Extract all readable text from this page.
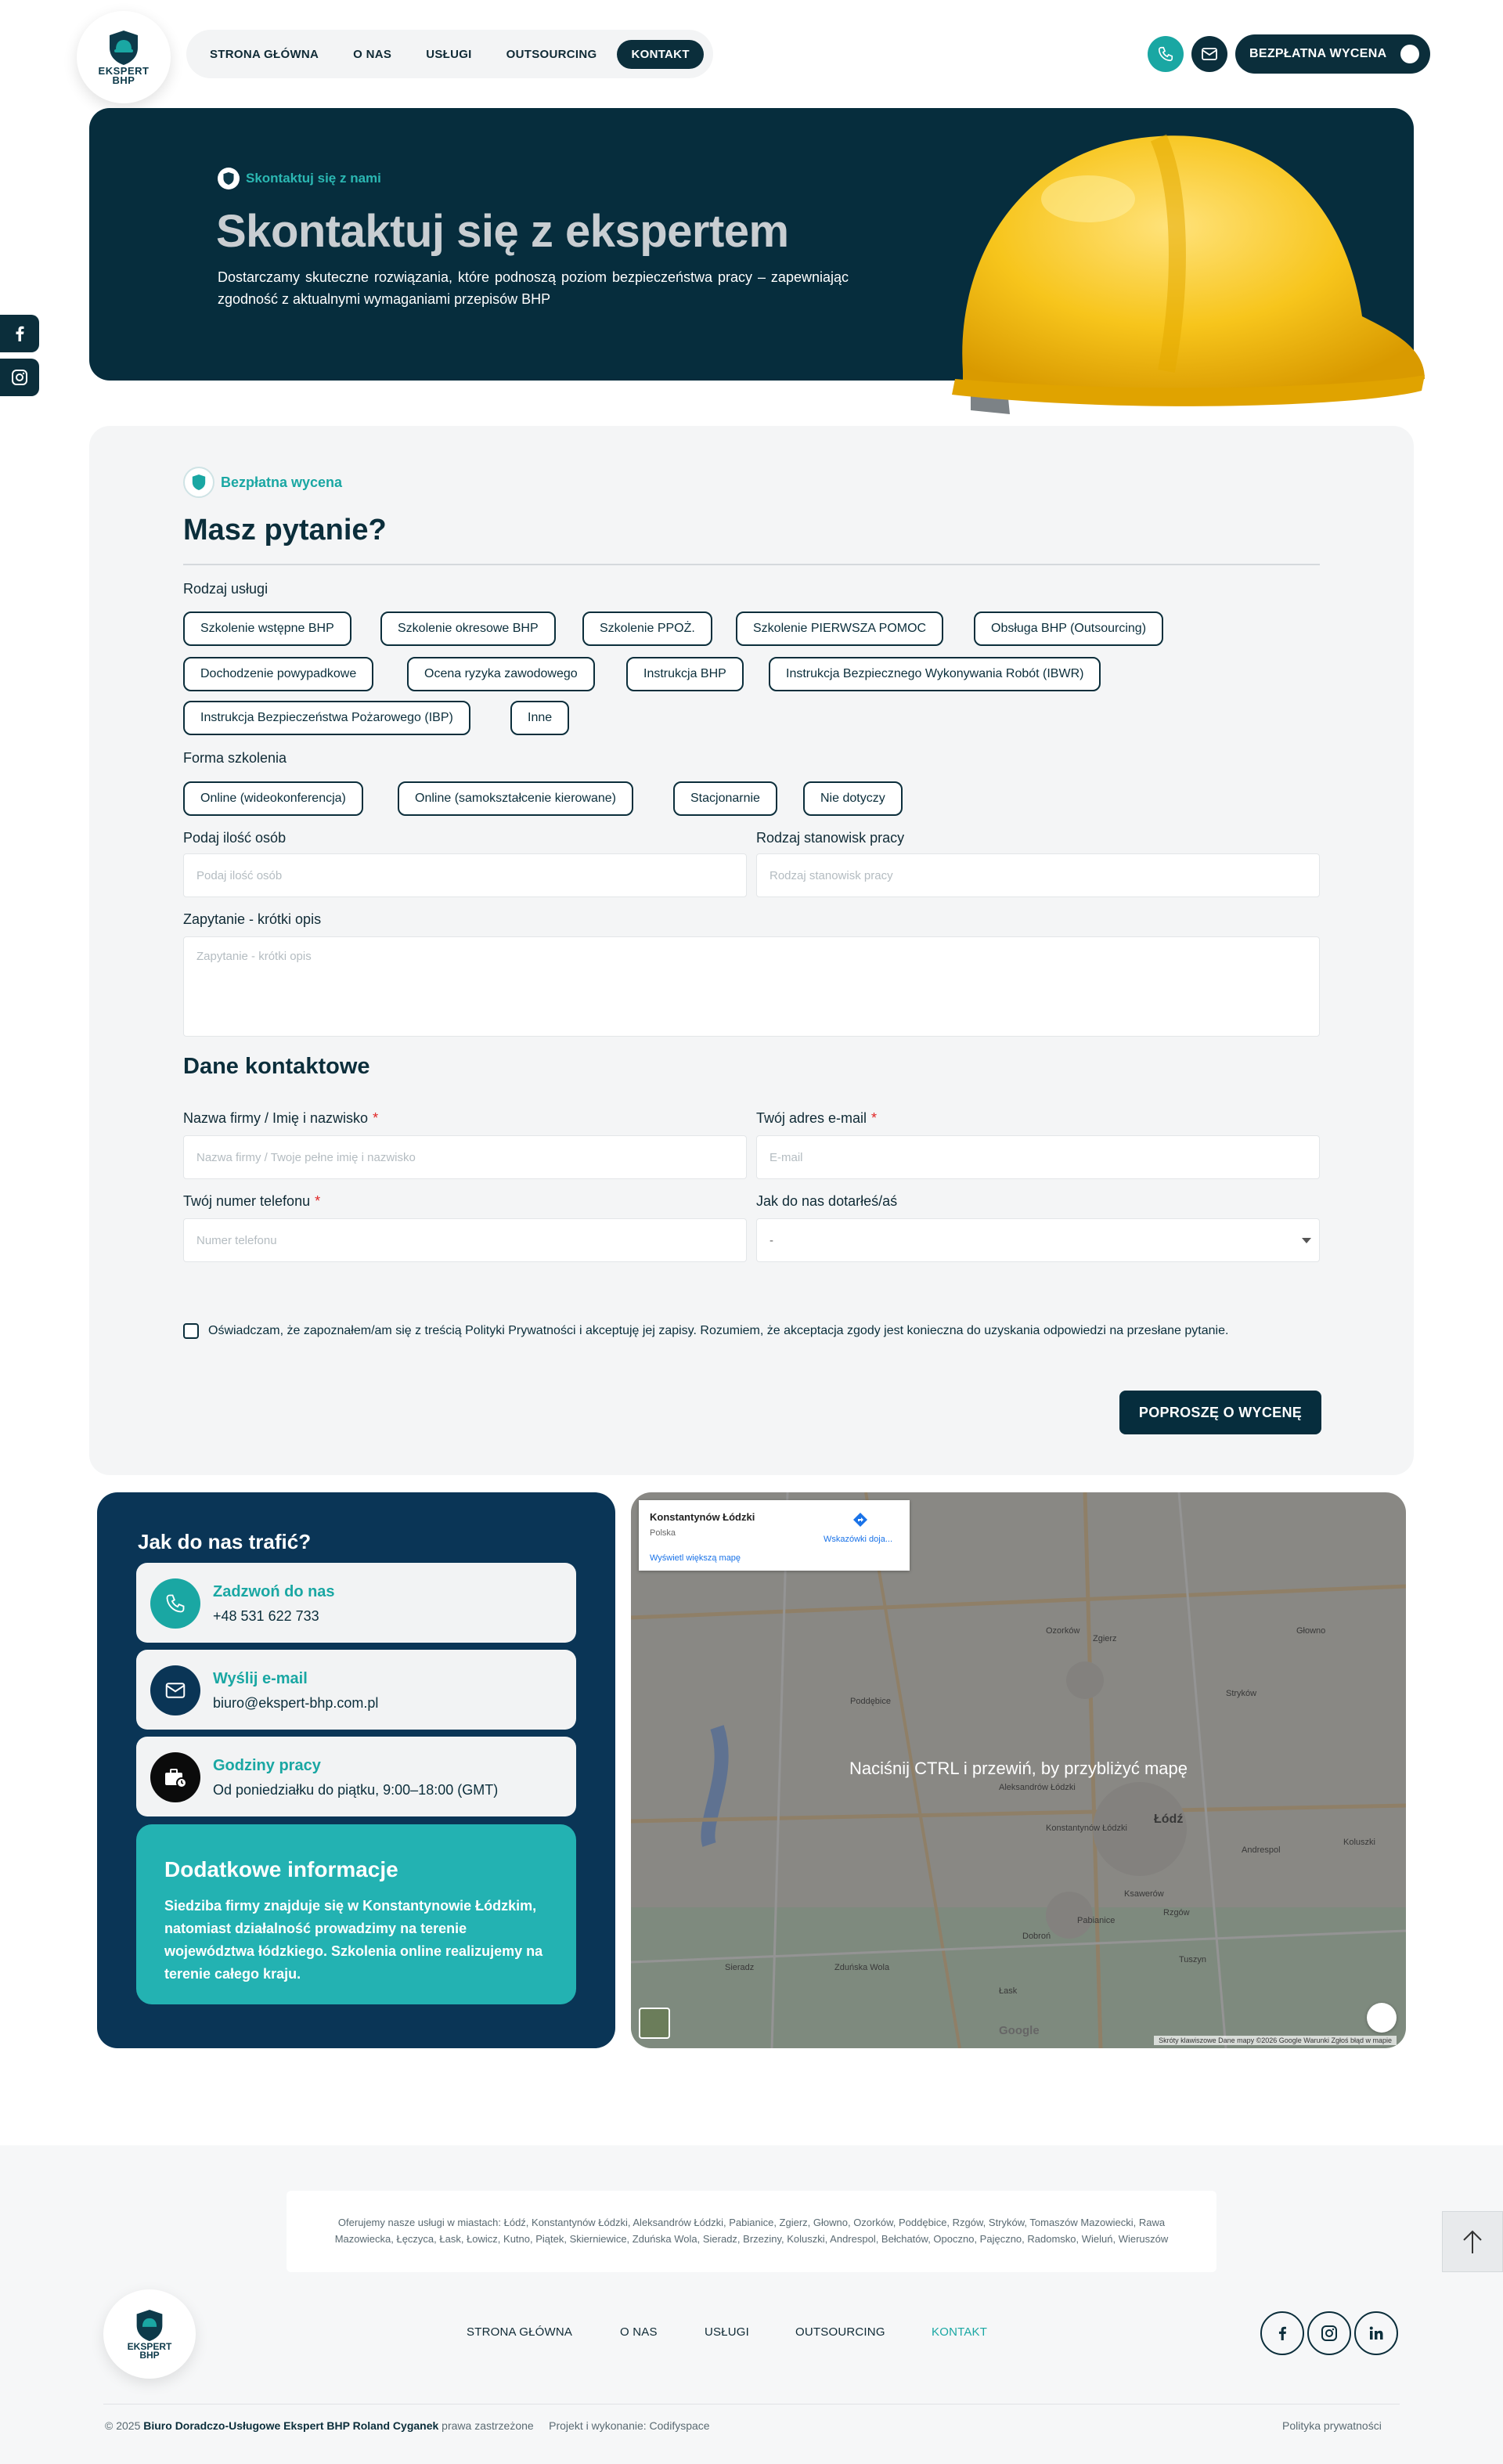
EKSPERT
BHP
STRONA GŁÓWNA	O NAS	USŁUGI	OUTSOURCING	KONTAKT	BEZPŁATNA WYCENA
Skontaktuj się z nami
Skontaktuj się z ekspertem

Dostarczamy skuteczne rozwiązania, które podnoszą poziom bezpieczeństwa pracy – zapewniając zgodność z aktualnymi wymaganiami przepisów BHP

Bezpłatna wycena
Masz pytanie?
Rodzaj usługi
Szkolenie wstępne BHP	Szkolenie okresowe BHP	Szkolenie PPOŻ.	Szkolenie PIERWSZA POMOC	Obsługa BHP (Outsourcing)
Dochodzenie powypadkowe	Ocena ryzyka zawodowego	Instrukcja BHP	Instrukcja Bezpiecznego Wykonywania Robót (IBWR)
Instrukcja Bezpieczeństwa Pożarowego (IBP)	Inne
Forma szkolenia
Online (wideokonferencja)	Online (samokształcenie kierowane)	Stacjonarnie	Nie dotyczy
Podaj ilość osób
Podaj ilość osób
Rodzaj stanowisk pracy
Rodzaj stanowisk pracy
Zapytanie - krótki opis
Zapytanie - krótki opis
Dane kontaktowe
Nazwa firmy / Imię i nazwisko *
Nazwa firmy / Twoje pełne imię i nazwisko
Twój adres e-mail *
E-mail
Twój numer telefonu *
Numer telefonu
Jak do nas dotarłeś/aś
-
Oświadczam, że zapoznałem/am się z treścią Polityki Prywatności i akceptuję jej zapisy. Rozumiem, że akceptacja zgody jest konieczna do uzyskania odpowiedzi na przesłane pytanie.
POPROSZĘ O WYCENĘ
Jak do nas trafić?
Zadzwoń do nas
+48 531 622 733
Wyślij e-mail
biuro@ekspert-bhp.com.pl
Godziny pracy
Od poniedziałku do piątku, 9:00–18:00 (GMT)
Dodatkowe informacje
Siedziba firmy znajduje się w Konstantynowie Łódzkim, natomiast działalność prowadzimy na terenie województwa łódzkiego. Szkolenia online realizujemy na terenie całego kraju.
Naciśnij CTRL i przewiń, by przybliżyć mapę
Konstantynów Łódzki
Polska
Wyświetl większą mapę
Wskazówki doja...
Google
Skróty klawiszowe Dane mapy ©2026 Google Warunki Zgłoś błąd w mapie
Oferujemy nasze usługi w miastach: Łódź, Konstantynów Łódzki, Aleksandrów Łódzki, Pabianice, Zgierz, Głowno, Ozorków, Poddębice, Rzgów, Stryków, Tomaszów Mazowiecki, Rawa Mazowiecka, Łęczyca, Łask, Łowicz, Kutno, Piątek, Skierniewice, Zduńska Wola, Sieradz, Brzeziny, Koluszki, Andrespol, Bełchatów, Opoczno, Pajęczno, Radomsko, Wieluń, Wieruszów
EKSPERT
BHP
STRONA GŁÓWNA	O NAS	USŁUGI	OUTSOURCING	KONTAKT
© 2025 Biuro Doradczo-Usługowe Ekspert BHP Roland Cyganek prawa zastrzeżone Projekt i wykonanie: Codifyspace	Polityka prywatności
